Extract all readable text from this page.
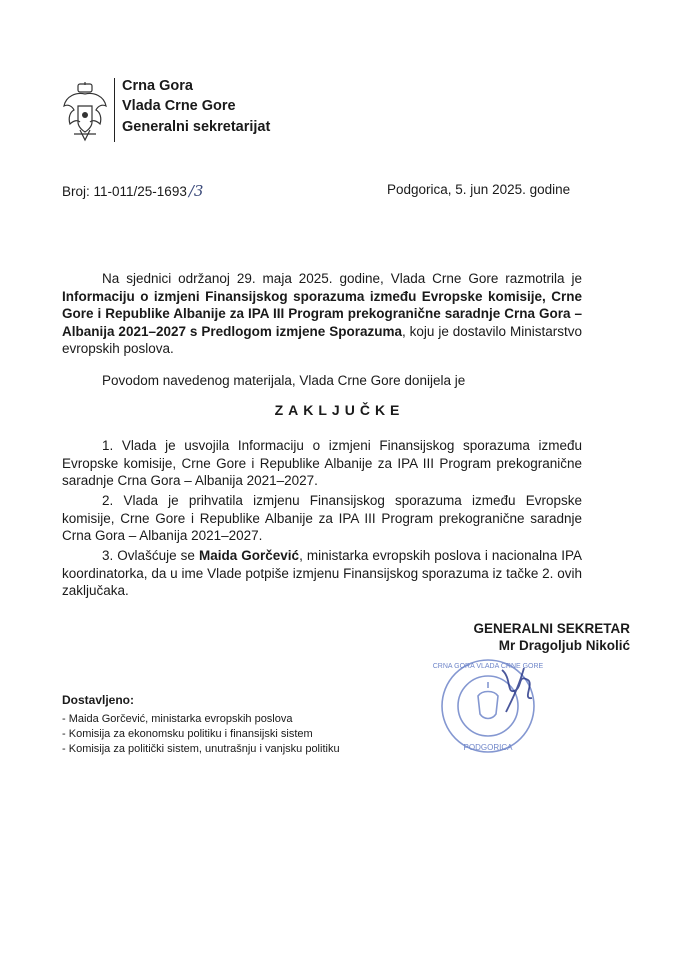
Crna Gora
Vlada Crne Gore
Generalni sekretarijat
Broj: 11-011/25-1693 /3	Podgorica, 5. jun 2025. godine
Na sjednici održanoj 29. maja 2025. godine, Vlada Crne Gore razmotrila je Informaciju o izmjeni Finansijskog sporazuma između Evropske komisije, Crne Gore i Republike Albanije za IPA III Program prekogranične saradnje Crna Gora – Albanija 2021–2027 s Predlogom izmjene Sporazuma, koju je dostavilo Ministarstvo evropskih poslova.
Povodom navedenog materijala, Vlada Crne Gore donijela je
ZAKLJUČKE
1. Vlada je usvojila Informaciju o izmjeni Finansijskog sporazuma između Evropske komisije, Crne Gore i Republike Albanije za IPA III Program prekogranične saradnje Crna Gora – Albanija 2021–2027.
2. Vlada je prihvatila izmjenu Finansijskog sporazuma između Evropske komisije, Crne Gore i Republike Albanije za IPA III Program prekogranične saradnje Crna Gora – Albanija 2021–2027.
3. Ovlašćuje se Maida Gorčević, ministarka evropskih poslova i nacionalna IPA koordinatorka, da u ime Vlade potpiše izmjenu Finansijskog sporazuma iz tačke 2. ovih zaključaka.
GENERALNI SEKRETAR
Mr Dragoljub Nikolić
PODGORICA
CRNA GORA VLADA CRNE GORE
Dostavljeno:
- Maida Gorčević, ministarka evropskih poslova
- Komisija za ekonomsku politiku i finansijski sistem
- Komisija za politički sistem, unutrašnju i vanjsku politiku
